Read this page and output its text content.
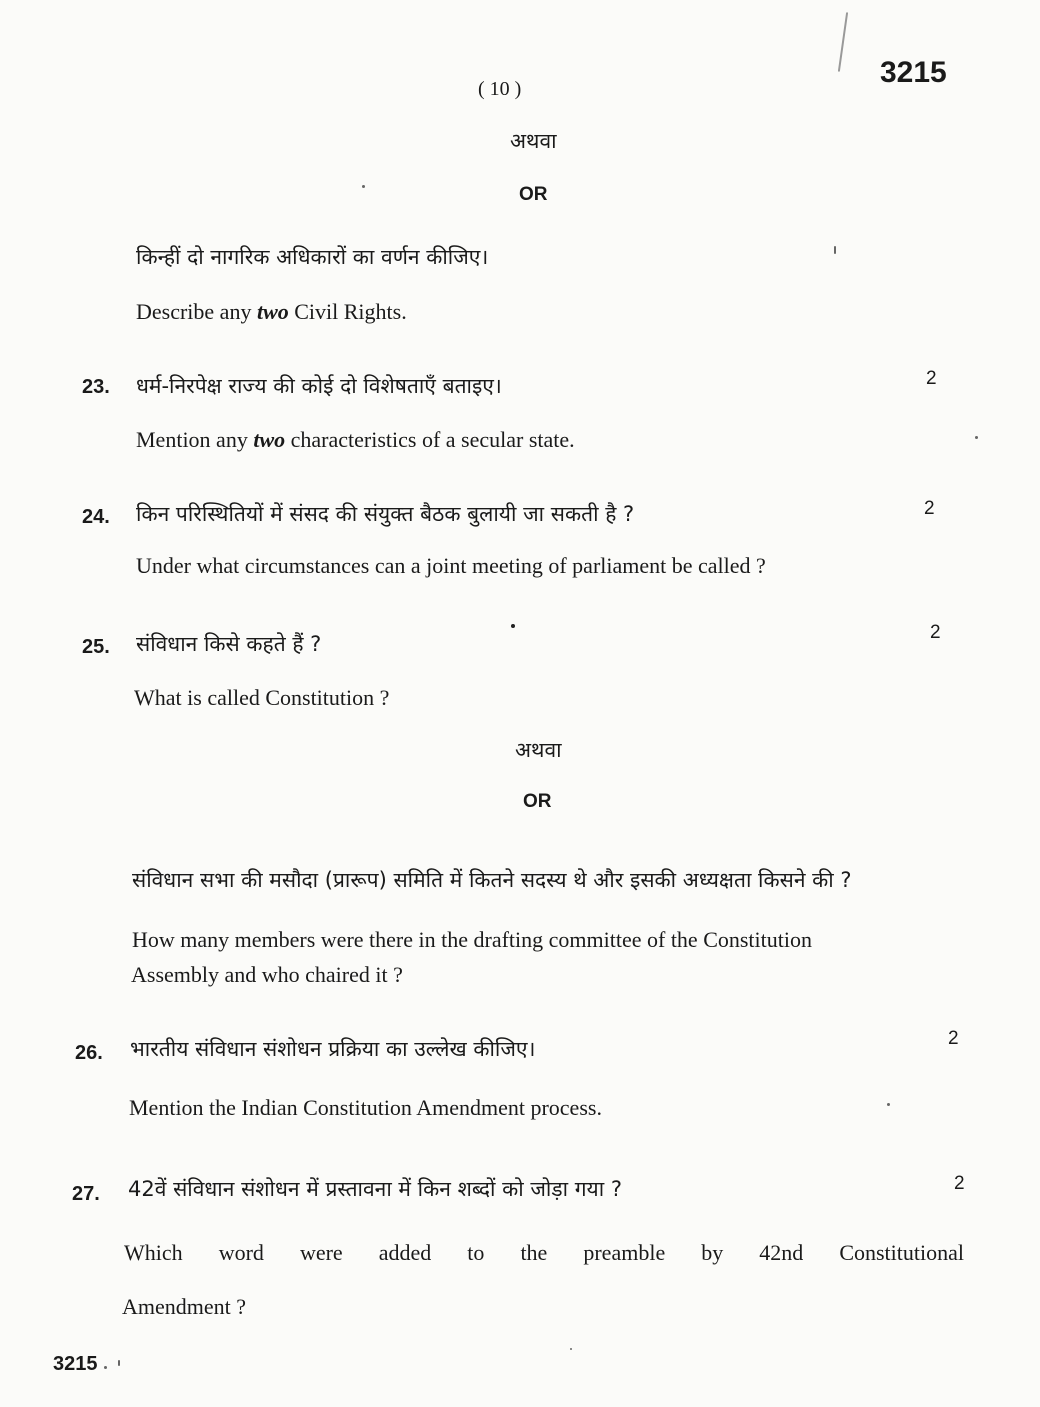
( 10 )	3215
अथवा
OR
किन्हीं दो नागरिक अधिकारों का वर्णन कीजिए।
Describe any two Civil Rights.
23. धर्म-निरपेक्ष राज्य की कोई दो विशेषताएँ बताइए।	2
Mention any two characteristics of a secular state.
24. किन परिस्थितियों में संसद की संयुक्त बैठक बुलायी जा सकती है ?	2
Under what circumstances can a joint meeting of parliament be called ?
25. संविधान किसे कहते हैं ?	2
What is called Constitution ?
अथवा
OR
संविधान सभा की मसौदा (प्रारूप) समिति में कितने सदस्य थे और इसकी अध्यक्षता किसने की ?
How many members were there in the drafting committee of the Constitution
Assembly and who chaired it ?
26. भारतीय संविधान संशोधन प्रक्रिया का उल्लेख कीजिए।	2
Mention the Indian Constitution Amendment process.
27. 42वें संविधान संशोधन में प्रस्तावना में किन शब्दों को जोड़ा गया ?	2
Which word were added to the preamble by 42nd Constitutional
Amendment ?
3215
